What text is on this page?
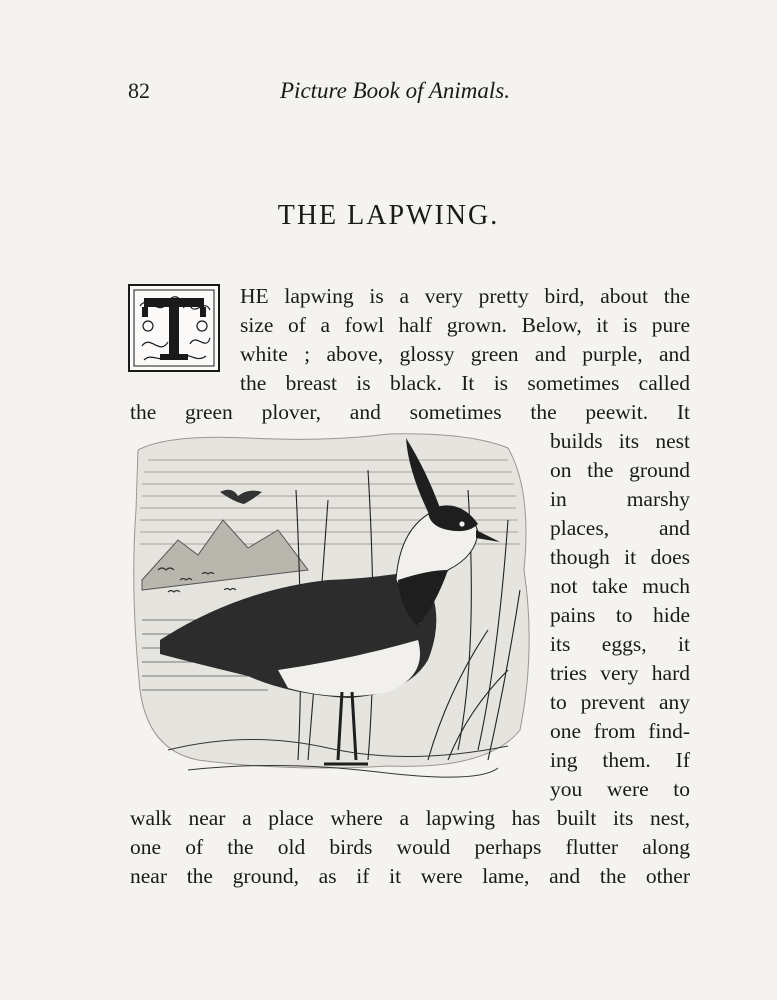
82	Picture Book of Animals.
THE LAPWING.
HE lapwing is a very pretty bird, about the
size of a fowl half grown. Below, it is pure
white ; above, glossy green and purple, and
the breast is black. It is sometimes called
the green plover, and sometimes the peewit. It
builds its nest
on the ground
in marshy
places, and
though it does
not take much
pains to hide
its eggs, it
tries very hard
to prevent any
one from find-
ing them. If
you were to
walk near a place where a lapwing has built its nest,
one of the old birds would perhaps flutter along
near the ground, as if it were lame, and the other
